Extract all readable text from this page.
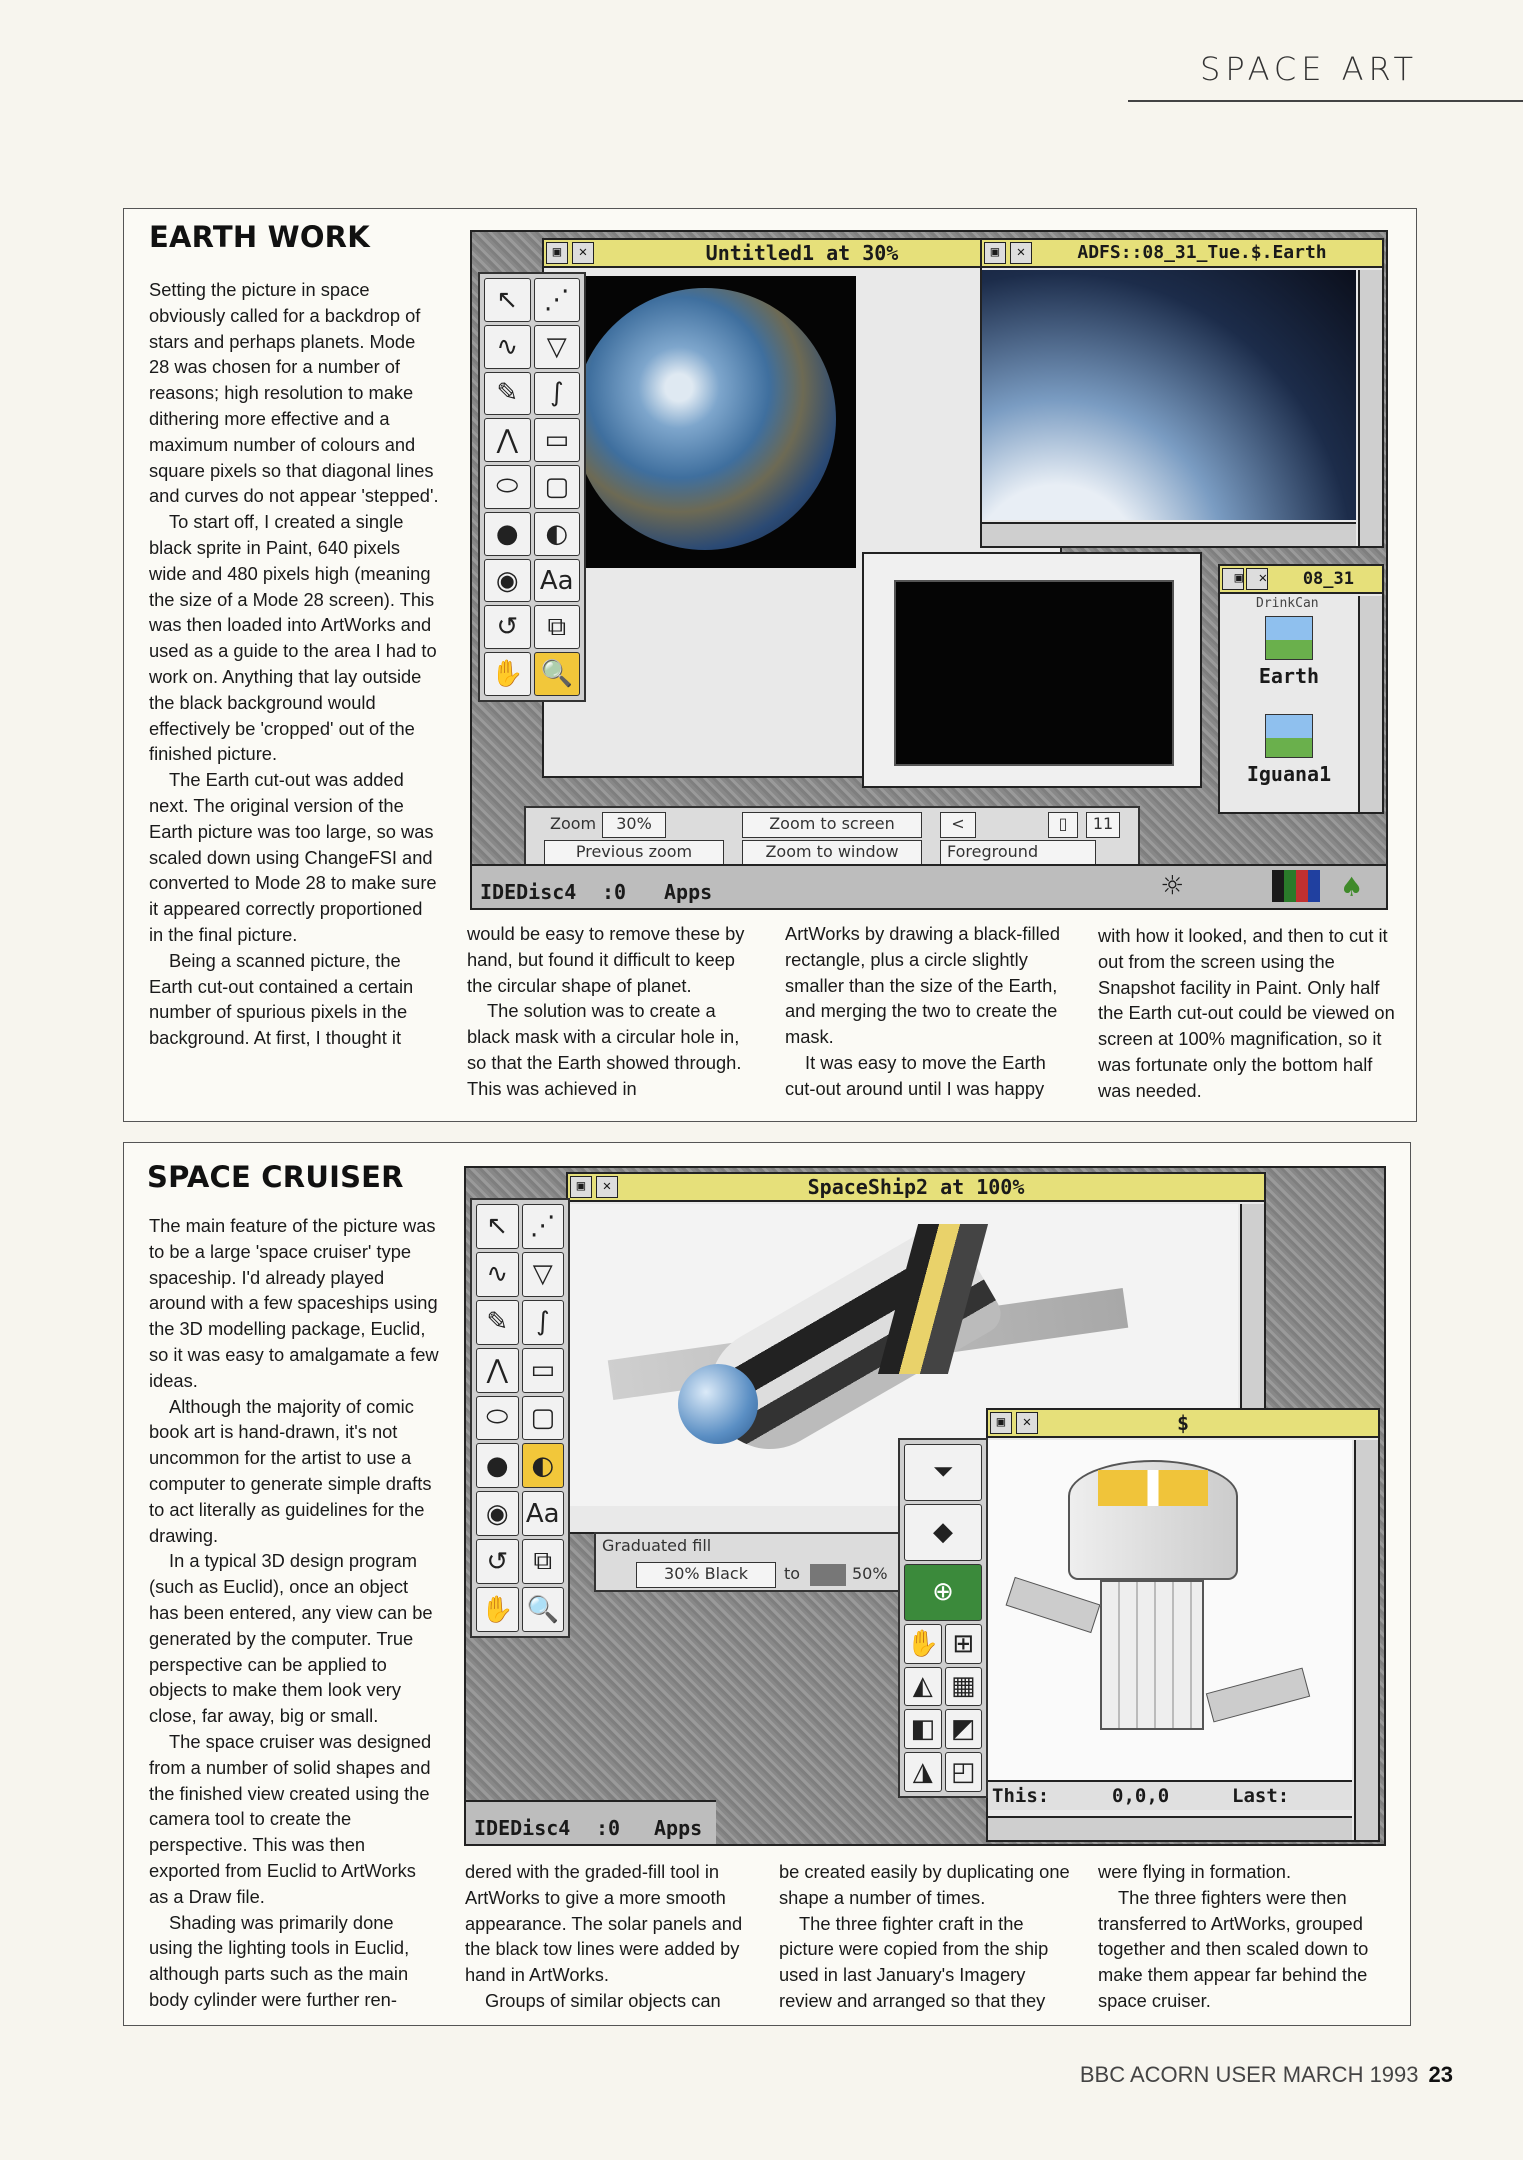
SPACE ART
EARTH WORK

Setting the picture in space obviously called for a backdrop of stars and perhaps planets. Mode 28 was chosen for a number of reasons; high resolution to make dithering more effective and a maximum number of colours and square pixels so that diagonal lines and curves do not appear 'stepped'.

To start off, I created a single black sprite in Paint, 640 pixels wide and 480 pixels high (meaning the size of a Mode 28 screen). This was then loaded into ArtWorks and used as a guide to the area I had to work on. Anything that lay outside the black background would effectively be 'cropped' out of the finished picture.

The Earth cut-out was added next. The original version of the Earth picture was too large, so was scaled down using ChangeFSI and converted to Mode 28 to make sure it appeared correctly proportioned in the final picture.

Being a scanned picture, the Earth cut-out contained a certain number of spurious pixels in the background. At first, I thought it

would be easy to remove these by hand, but found it difficult to keep the circular shape of planet.

The solution was to create a black mask with a circular hole in, so that the Earth showed through. This was achieved in

ArtWorks by drawing a black-filled rectangle, plus a circle slightly smaller than the size of the Earth, and merging the two to create the mask.

It was easy to move the Earth cut-out around until I was happy

with how it looked, and then to cut it out from the screen using the Snapshot facility in Paint. Only half the Earth cut-out could be viewed on screen at 100% magnification, so it was fortunate only the bottom half was needed.

▣	✕	Untitled1 at 30%	▣	✕	ADFS::08_31_Tue.$.Earth
▣	✕ 08_31
DrinkCan
Earth
Iguana1
↖ ⋰
∿	▽
✎	∫
⋀	▭
⬭	▢
●	◐
◉ Aa
↺	⧉
✋ 🔍
Zoom	30%
Previous zoom
Zoom to screen
Zoom to window
<	▯	11
Foreground
IDEDisc4 :0 Apps	☼	♠
SPACE CRUISER

The main feature of the picture was to be a large 'space cruiser' type spaceship. I'd already played around with a few spaceships using the 3D modelling package, Euclid, so it was easy to amalgamate a few ideas.

Although the majority of comic book art is hand-drawn, it's not uncommon for the artist to use a computer to generate simple drafts to act literally as guidelines for the drawing.

In a typical 3D design program (such as Euclid), once an object has been entered, any view can be generated by the computer. True perspective can be applied to objects to make them look very close, far away, big or small.

The space cruiser was designed from a number of solid shapes and the finished view created using the camera tool to create the perspective. This was then exported from Euclid to ArtWorks as a Draw file.

Shading was primarily done using the lighting tools in Euclid, although parts such as the main body cylinder were further ren-

dered with the graded-fill tool in ArtWorks to give a more smooth appearance. The solar panels and the black tow lines were added by hand in ArtWorks.

Groups of similar objects can

be created easily by duplicating one shape a number of times.

The three fighter craft in the picture were copied from the ship used in last January's Imagery review and arranged so that they

were flying in formation.

The three fighters were then transferred to ArtWorks, grouped together and then scaled down to make them appear far behind the space cruiser.

▣	✕	SpaceShip2 at 100%
Graduated fill
30% Black	to	50%
▣	✕	$
This:	0,0,0	Last:
⏷
◆
⊕
✋ ⊞
◭ ▦
◧ ◩
◮ ◰
↖ ⋰
∿ ▽
✎	∫
⋀ ▭
⬭ ▢
● ◐
◉ Aa
↺ ⧉
✋ 🔍
IDEDisc4 :0 Apps
BBC ACORN USER MARCH 1993 23
